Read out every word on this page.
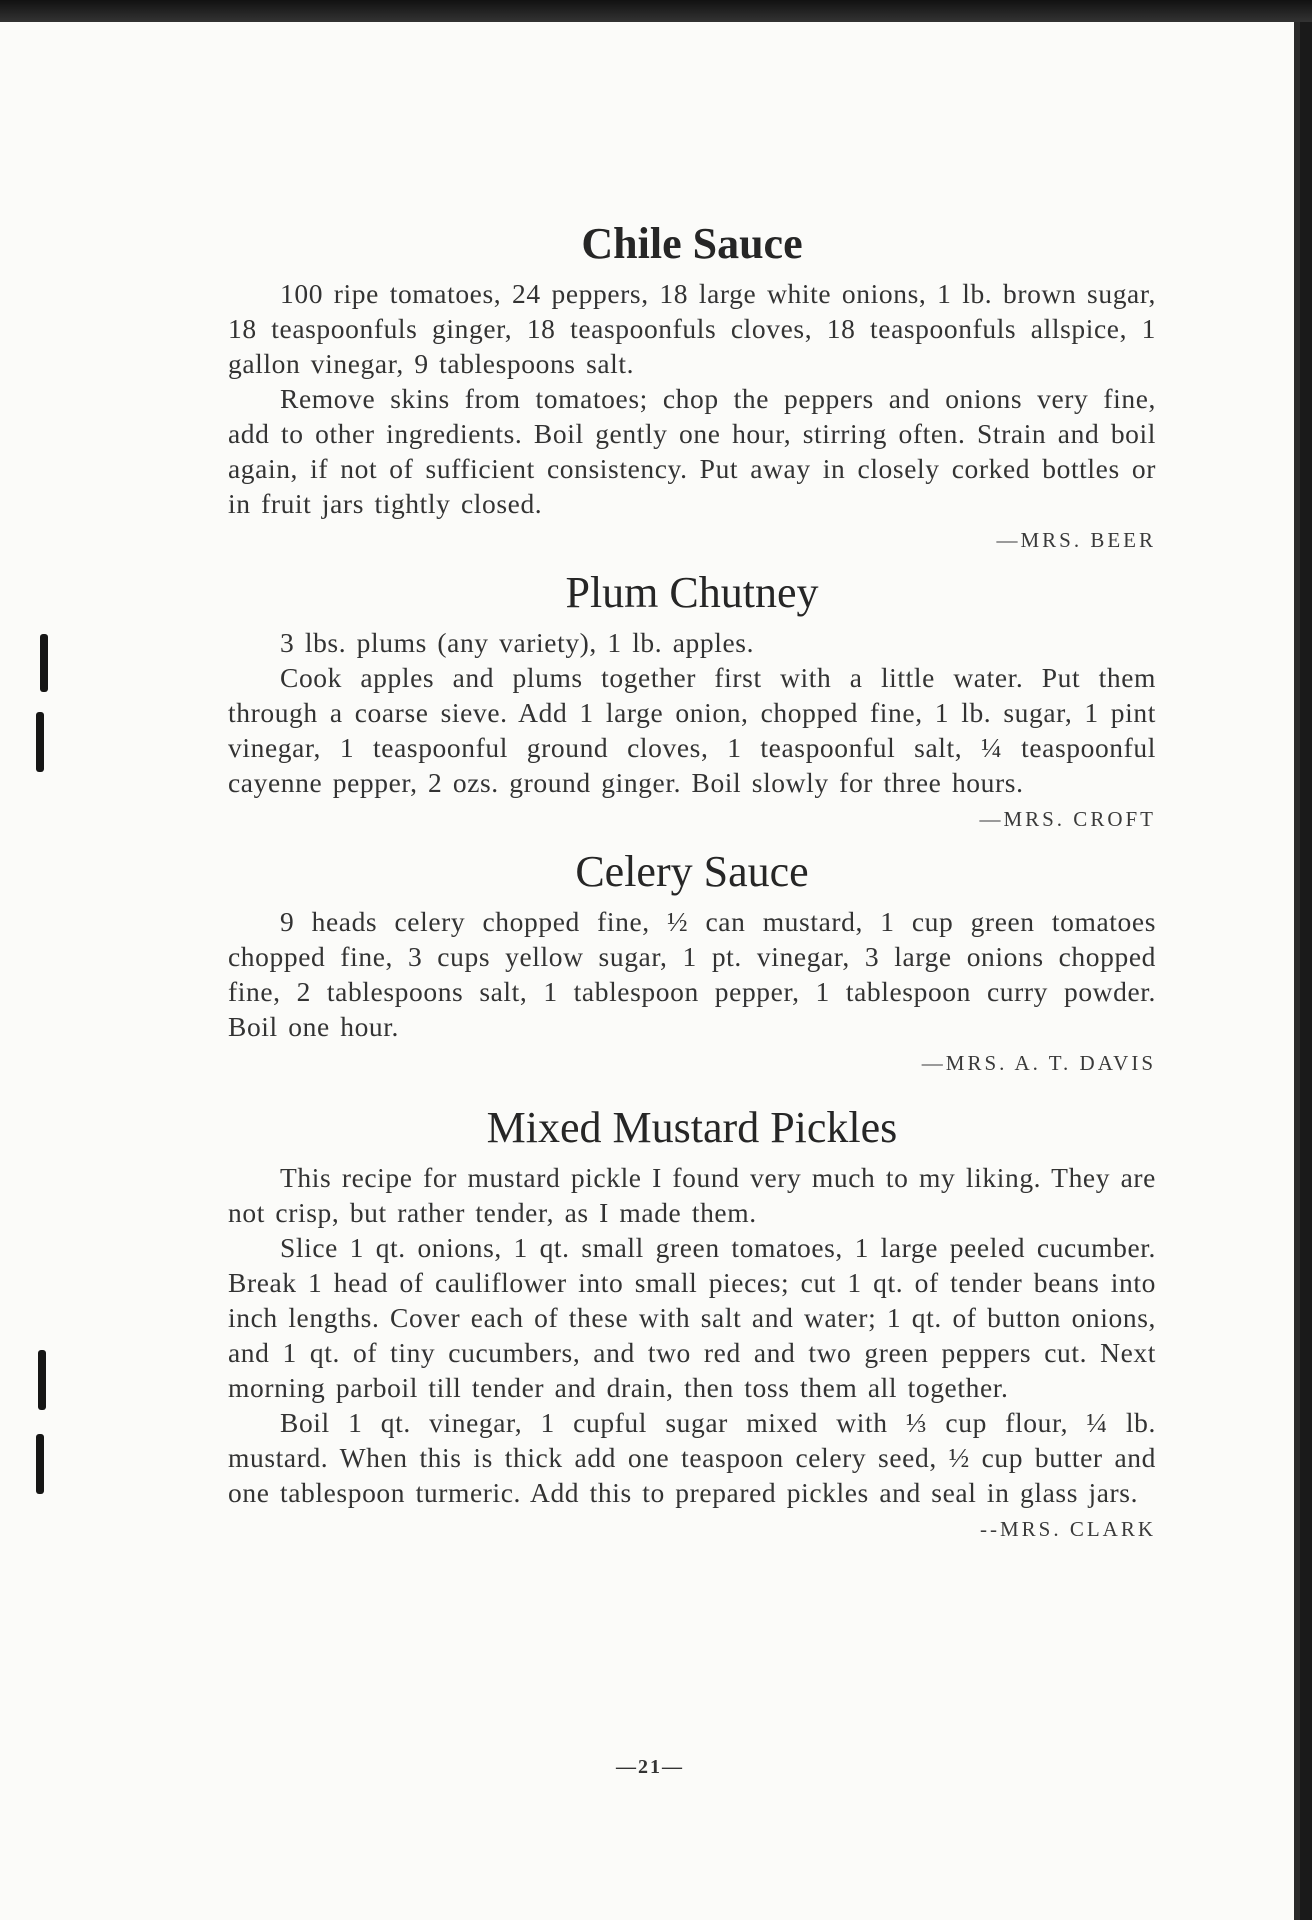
Chile Sauce

100 ripe tomatoes, 24 peppers, 18 large white onions, 1 lb. brown sugar, 18 teaspoonfuls ginger, 18 teaspoonfuls cloves, 18 teaspoonfuls allspice, 1 gallon vinegar, 9 tablespoons salt.

Remove skins from tomatoes; chop the peppers and onions very fine, add to other ingredients. Boil gently one hour, stirring often. Strain and boil again, if not of sufficient consistency. Put away in closely corked bottles or in fruit jars tightly closed.

—MRS. BEER
Plum Chutney

3 lbs. plums (any variety), 1 lb. apples.

Cook apples and plums together first with a little water. Put them through a coarse sieve. Add 1 large onion, chopped fine, 1 lb. sugar, 1 pint vinegar, 1 teaspoonful ground cloves, 1 teaspoonful salt, ¼ teaspoonful cayenne pepper, 2 ozs. ground ginger. Boil slowly for three hours.

—MRS. CROFT
Celery Sauce

9 heads celery chopped fine, ½ can mustard, 1 cup green tomatoes chopped fine, 3 cups yellow sugar, 1 pt. vinegar, 3 large onions chopped fine, 2 tablespoons salt, 1 tablespoon pepper, 1 tablespoon curry powder. Boil one hour.

—MRS. A. T. DAVIS
Mixed Mustard Pickles

This recipe for mustard pickle I found very much to my liking. They are not crisp, but rather tender, as I made them.

Slice 1 qt. onions, 1 qt. small green tomatoes, 1 large peeled cucumber. Break 1 head of cauliflower into small pieces; cut 1 qt. of tender beans into inch lengths. Cover each of these with salt and water; 1 qt. of button onions, and 1 qt. of tiny cucumbers, and two red and two green peppers cut. Next morning parboil till tender and drain, then toss them all together.

Boil 1 qt. vinegar, 1 cupful sugar mixed with ⅓ cup flour, ¼ lb. mustard. When this is thick add one teaspoon celery seed, ½ cup butter and one tablespoon turmeric. Add this to prepared pickles and seal in glass jars.

--MRS. CLARK
—21—
